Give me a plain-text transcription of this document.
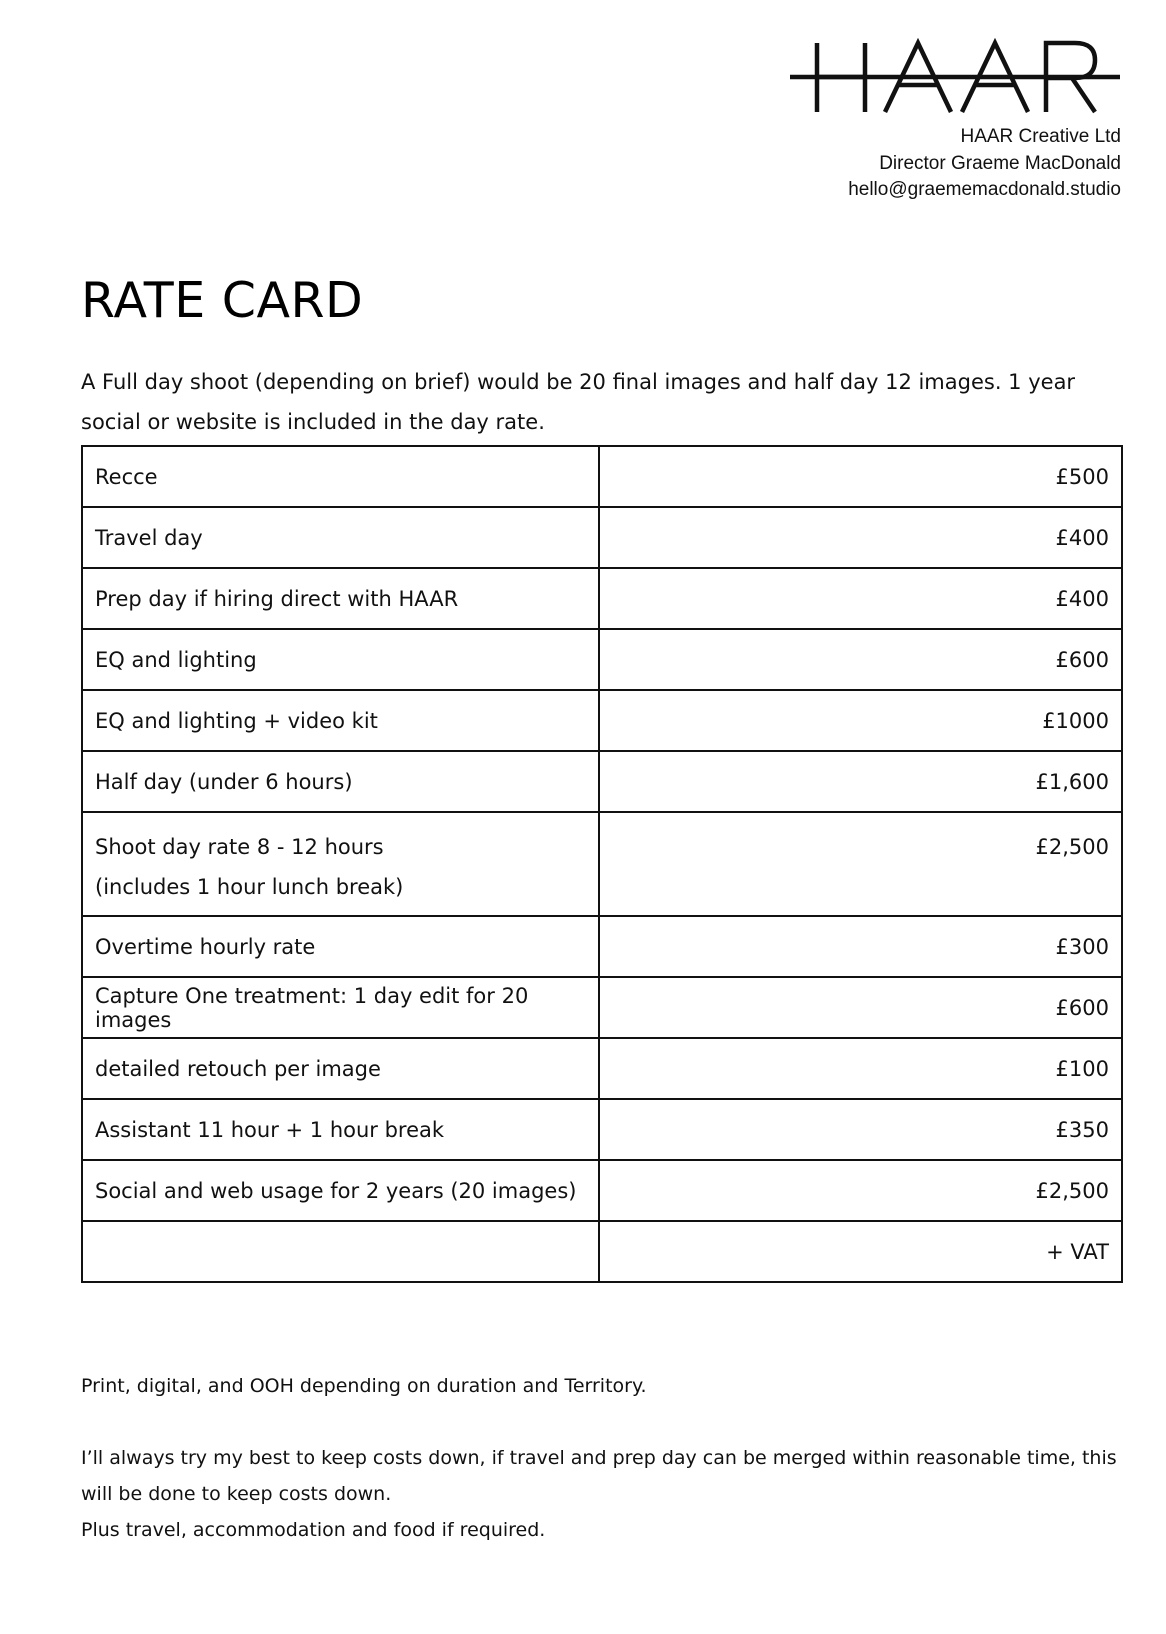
HAAR Creative Ltd
Director Graeme MacDonald
hello@graememacdonald.studio
RATE CARD

A Full day shoot (depending on brief) would be 20 final images and half day 12 images. 1 year social or website is included in the day rate.

Recce	£500
Travel day	£400
Prep day if hiring direct with HAAR	£400
EQ and lighting	£600
EQ and lighting + video kit	£1000
Half day (under 6 hours)	£1,600

Shoot day rate 8 - 12 hours
(includes 1 hour lunch break)	£2,500
Overtime hourly rate	£300
Capture One treatment: 1 day edit for 20 images	£600
detailed retouch per image	£100
Assistant 11 hour + 1 hour break	£350
Social and web usage for 2 years (20 images)	£2,500
	+ VAT

Print, digital, and OOH depending on duration and Territory.

I’ll always try my best to keep costs down, if travel and prep day can be merged within reasonable time, this will be done to keep costs down.

Plus travel, accommodation and food if required.
